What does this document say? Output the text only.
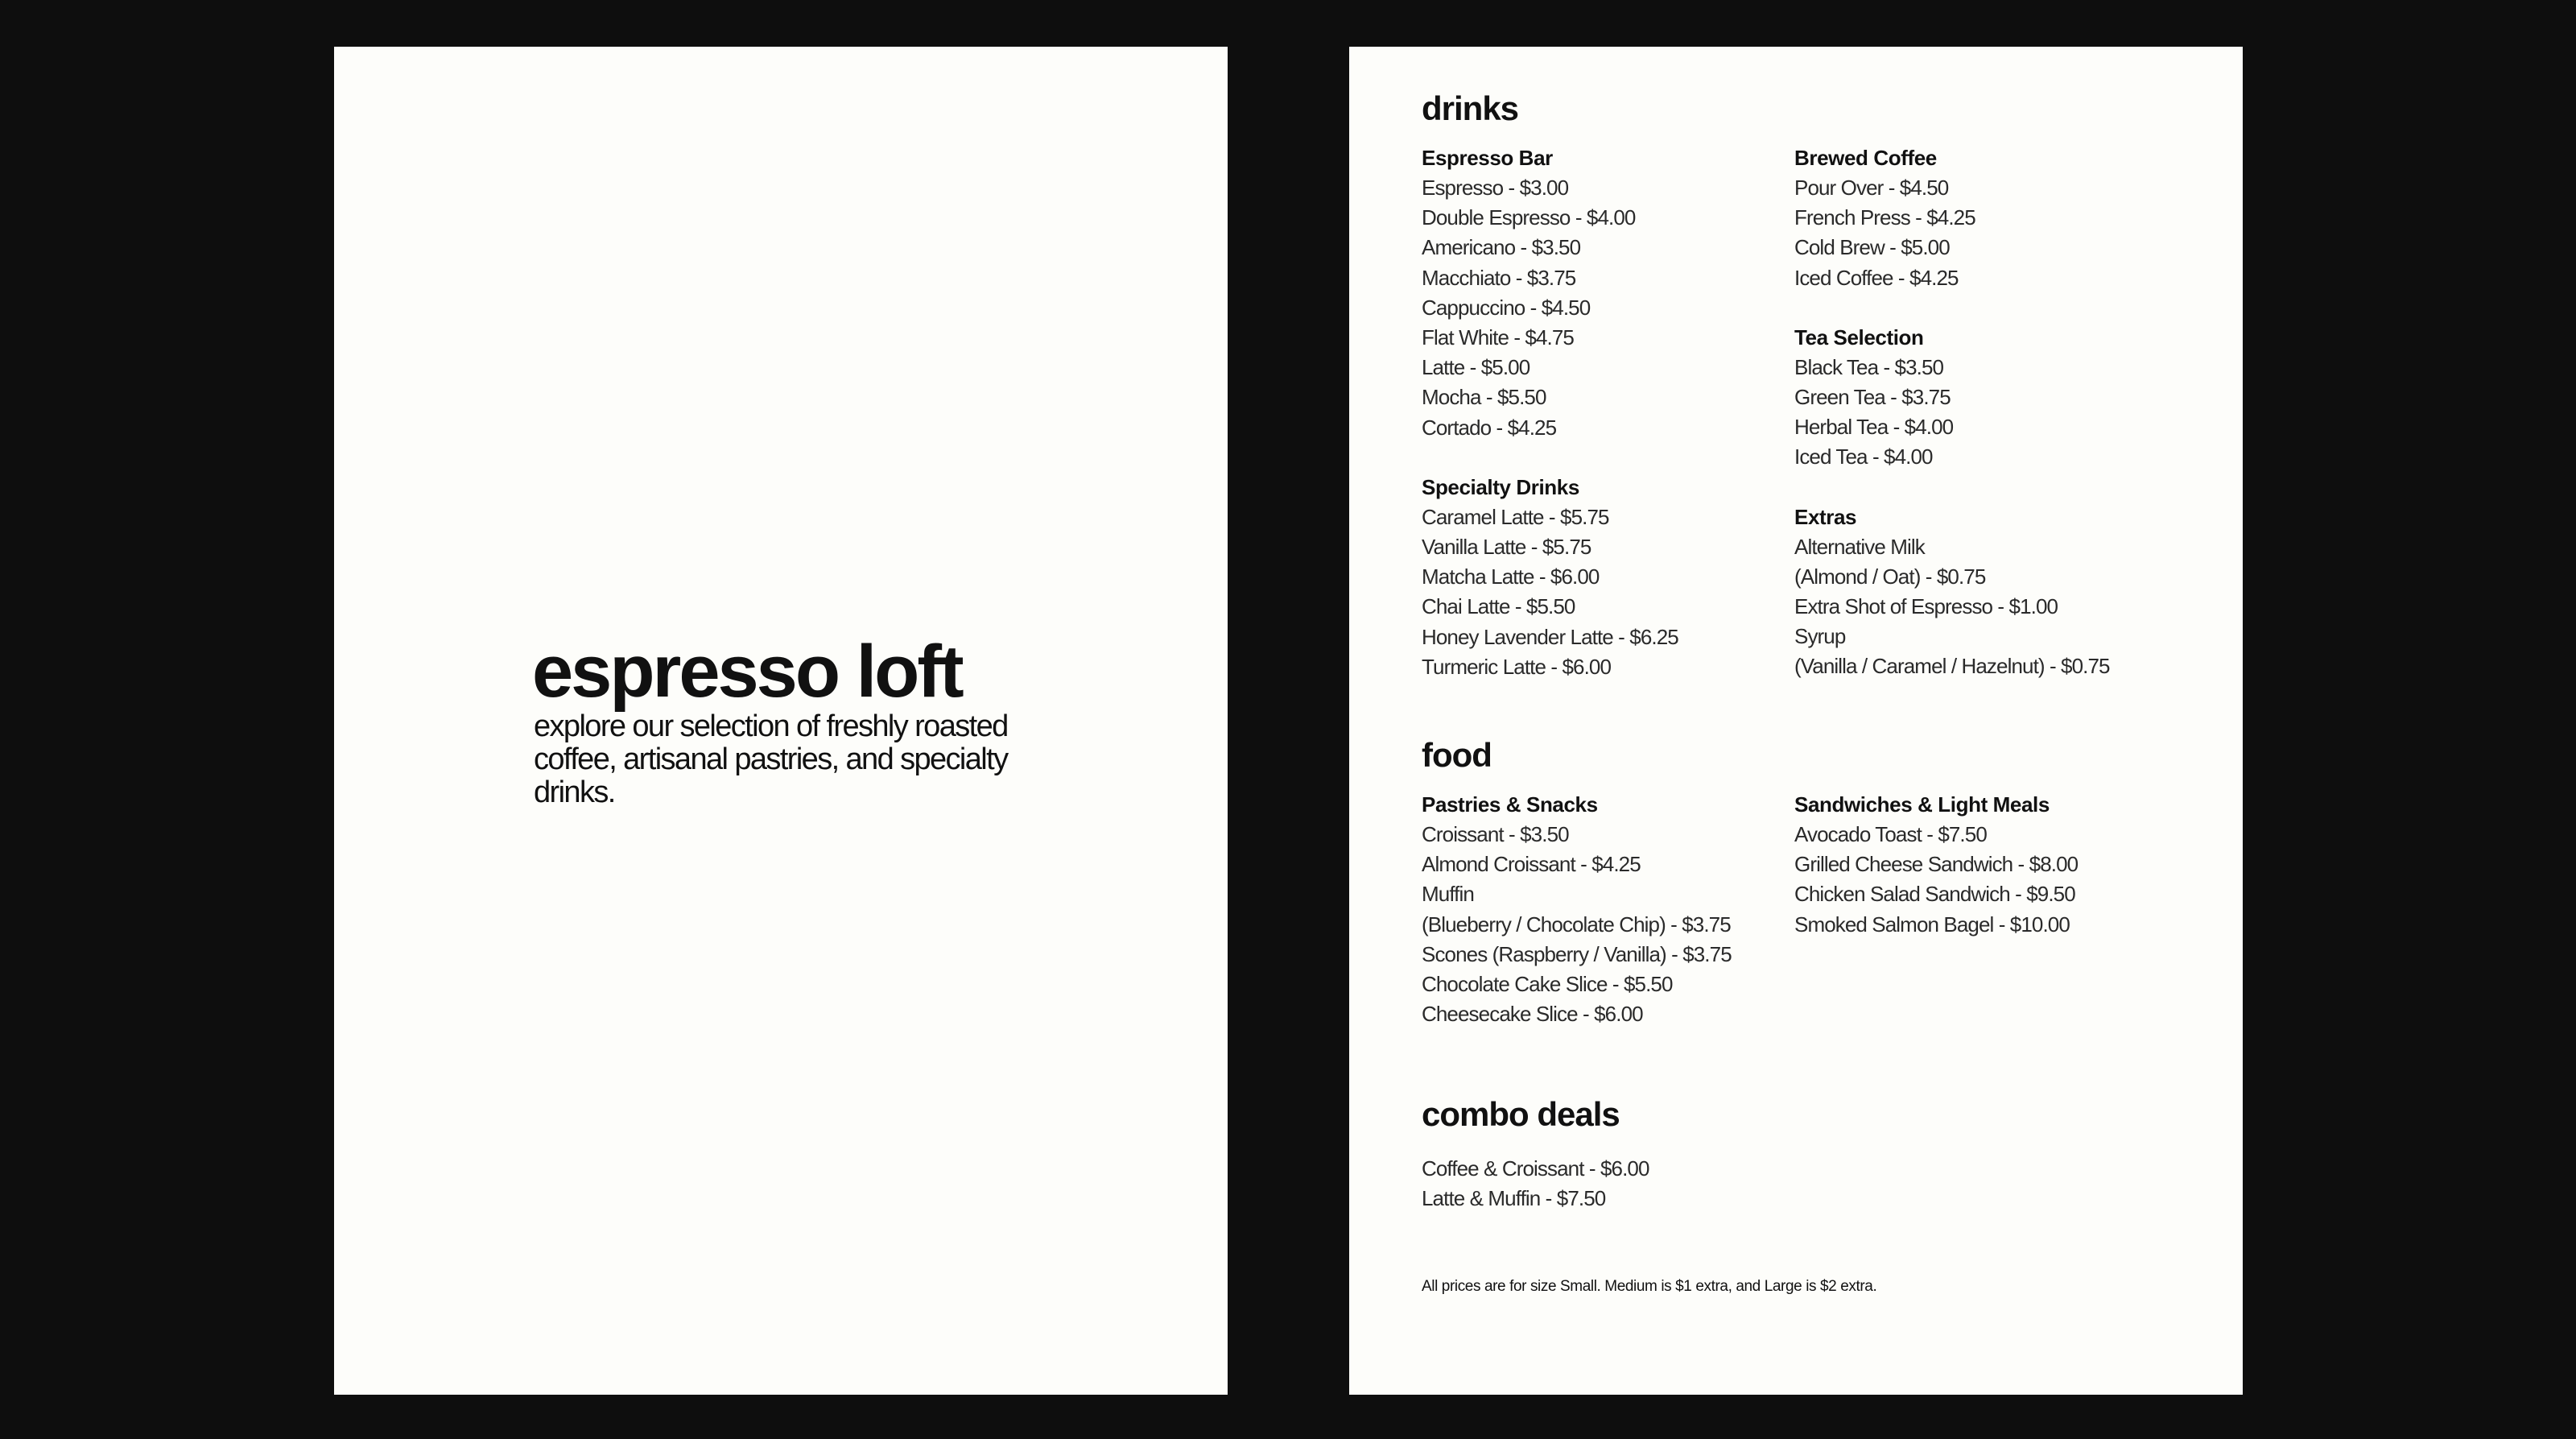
espresso loft

explore our selection of freshly roasted coffee, artisanal pastries, and specialty drinks.

drinks
Espresso Bar
Espresso - $3.00
Double Espresso - $4.00
Americano - $3.50
Macchiato - $3.75
Cappuccino - $4.50
Flat White - $4.75
Latte - $5.00
Mocha - $5.50
Cortado - $4.25
Specialty Drinks
Caramel Latte - $5.75
Vanilla Latte - $5.75
Matcha Latte - $6.00
Chai Latte - $5.50
Honey Lavender Latte - $6.25
Turmeric Latte - $6.00
Brewed Coffee
Pour Over - $4.50
French Press - $4.25
Cold Brew - $5.00
Iced Coffee - $4.25
Tea Selection
Black Tea - $3.50
Green Tea - $3.75
Herbal Tea - $4.00
Iced Tea - $4.00
Extras
Alternative Milk
(Almond / Oat) - $0.75
Extra Shot of Espresso - $1.00
Syrup
(Vanilla / Caramel / Hazelnut) - $0.75
food
Pastries & Snacks
Croissant - $3.50
Almond Croissant - $4.25
Muffin
(Blueberry / Chocolate Chip) - $3.75
Scones (Raspberry / Vanilla) - $3.75
Chocolate Cake Slice - $5.50
Cheesecake Slice - $6.00
Sandwiches & Light Meals
Avocado Toast - $7.50
Grilled Cheese Sandwich - $8.00
Chicken Salad Sandwich - $9.50
Smoked Salmon Bagel - $10.00
combo deals
Coffee & Croissant - $6.00
Latte & Muffin - $7.50

All prices are for size Small. Medium is $1 extra, and Large is $2 extra.
